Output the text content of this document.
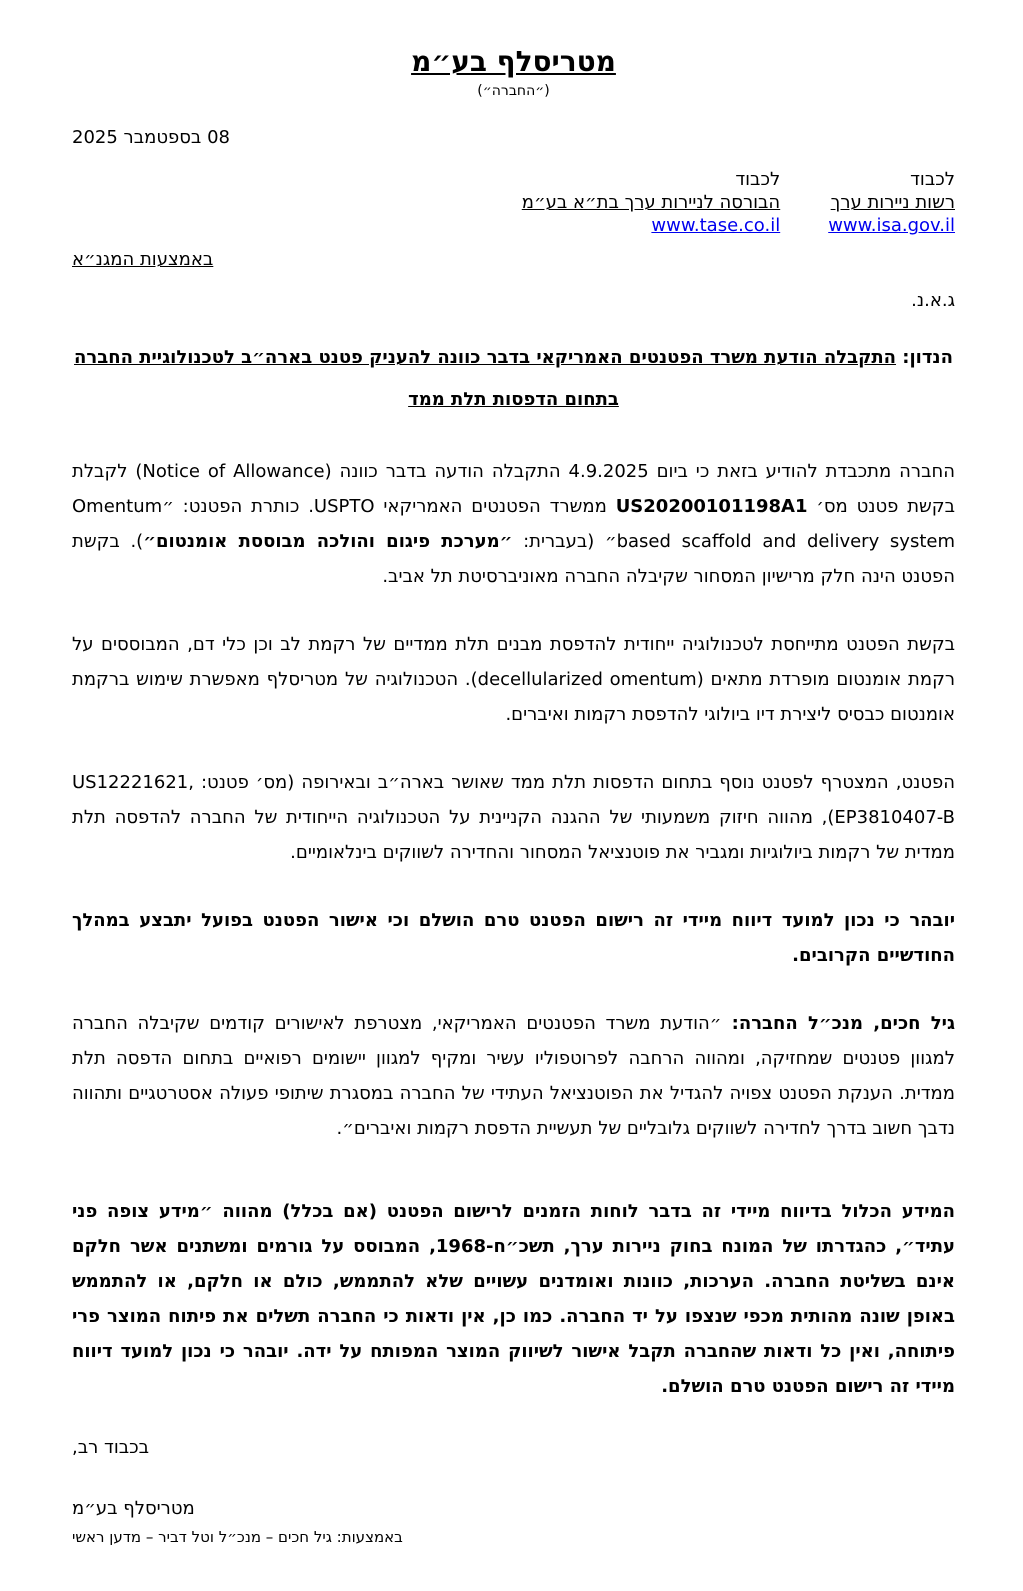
מטריסלף בע״מ
(״החברה״)
08 בספטמבר 2025
לכבוד
רשות ניירות ערך
www.isa.gov.il
לכבוד
הבורסה לניירות ערך בת״א בע״מ
www.tase.co.il
באמצעות המגנ״א
ג.א.נ.
הנדון: התקבלה הודעת משרד הפטנטים האמריקאי בדבר כוונה להעניק פטנט בארה״ב לטכנולוגיית החברה בתחום הדפסות תלת ממד

החברה מתכבדת להודיע בזאת כי ביום 4.9.2025 התקבלה הודעה בדבר כוונה (Notice of Allowance) לקבלת בקשת פטנט מס׳ US20200101198A1 ממשרד הפטנטים האמריקאי USPTO. כותרת הפטנט: ״Omentum based scaffold and delivery system״ (בעברית: ״מערכת פיגום והולכה מבוססת אומנטום״). בקשת הפטנט הינה חלק מרישיון המסחור שקיבלה החברה מאוניברסיטת תל אביב.

בקשת הפטנט מתייחסת לטכנולוגיה ייחודית להדפסת מבנים תלת ממדיים של רקמת לב וכן כלי דם, המבוססים על רקמת אומנטום מופרדת מתאים (decellularized omentum). הטכנולוגיה של מטריסלף מאפשרת שימוש ברקמת אומנטום כבסיס ליצירת דיו ביולוגי להדפסת רקמות ואיברים.

הפטנט, המצטרף לפטנט נוסף בתחום הדפסות תלת ממד שאושר בארה״ב ובאירופה (מס׳ פטנט: US12221621, EP3810407-B), מהווה חיזוק משמעותי של ההגנה הקניינית על הטכנולוגיה הייחודית של החברה להדפסה תלת ממדית של רקמות ביולוגיות ומגביר את פוטנציאל המסחור והחדירה לשווקים בינלאומיים.

יובהר כי נכון למועד דיווח מיידי זה רישום הפטנט טרם הושלם וכי אישור הפטנט בפועל יתבצע במהלך החודשיים הקרובים.

גיל חכים, מנכ״ל החברה: ״הודעת משרד הפטנטים האמריקאי, מצטרפת לאישורים קודמים שקיבלה החברה למגוון פטנטים שמחזיקה, ומהווה הרחבה לפרוטפוליו עשיר ומקיף למגוון יישומים רפואיים בתחום הדפסה תלת ממדית. הענקת הפטנט צפויה להגדיל את הפוטנציאל העתידי של החברה במסגרת שיתופי פעולה אסטרטגיים ותהווה נדבך חשוב בדרך לחדירה לשווקים גלובליים של תעשיית הדפסת רקמות ואיברים״.

המידע הכלול בדיווח מיידי זה בדבר לוחות הזמנים לרישום הפטנט (אם בכלל) מהווה ״מידע צופה פני עתיד״, כהגדרתו של המונח בחוק ניירות ערך, תשכ״ח-1968, המבוסס על גורמים ומשתנים אשר חלקם אינם בשליטת החברה. הערכות, כוונות ואומדנים עשויים שלא להתממש, כולם או חלקם, או להתממש באופן שונה מהותית מכפי שנצפו על יד החברה. כמו כן, אין ודאות כי החברה תשלים את פיתוח המוצר פרי פיתוחה, ואין כל ודאות שהחברה תקבל אישור לשיווק המוצר המפותח על ידה. יובהר כי נכון למועד דיווח מיידי זה רישום הפטנט טרם הושלם.

בכבוד רב,
מטריסלף בע״מ
באמצעות: גיל חכים – מנכ״ל וטל דביר – מדען ראשי
